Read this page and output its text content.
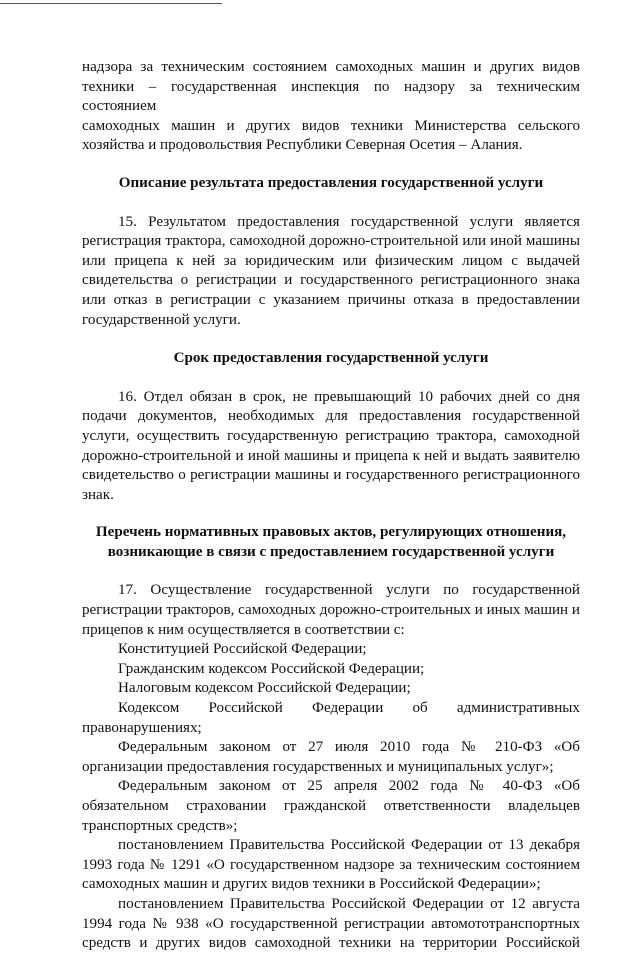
надзора за техническим состоянием самоходных машин и других видов

техники – государственная инспекция по надзору за техническим состоянием

самоходных машин и других видов техники Министерства сельского

хозяйства и продовольствия Республики Северная Осетия – Алания.

Описание результата предоставления государственной услуги

15. Результатом предоставления государственной услуги является регистрация трактора, самоходной дорожно-строительной или иной машины или прицепа к ней за юридическим или физическим лицом с выдачей свидетельства о регистрации и государственного регистрационного знака или отказ в регистрации с указанием причины отказа в предоставлении государственной услуги.

Срок предоставления государственной услуги

16. Отдел обязан в срок, не превышающий 10 рабочих дней со дня подачи документов, необходимых для предоставления государственной услуги, осуществить государственную регистрацию трактора, самоходной дорожно-строительной и иной машины и прицепа к ней и выдать заявителю свидетельство о регистрации машины и государственного регистрационного знак.

Перечень нормативных правовых актов, регулирующих отношения,
возникающие в связи с предоставлением государственной услуги

17. Осуществление государственной услуги по государственной регистрации тракторов, самоходных дорожно-строительных и иных машин и прицепов к ним осуществляется в соответствии с:

Конституцией Российской Федерации;

Гражданским кодексом Российской Федерации;

Налоговым кодексом Российской Федерации;

Кодексом Российской Федерации об административных

правонарушениях;

Федеральным законом от 27 июля 2010 года № 210-ФЗ «Об организации предоставления государственных и муниципальных услуг»;

Федеральным законом от 25 апреля 2002 года № 40-ФЗ «Об обязательном страховании гражданской ответственности владельцев транспортных средств»;

постановлением Правительства Российской Федерации от 13 декабря 1993 года № 1291 «О государственном надзоре за техническим состоянием самоходных машин и других видов техники в Российской Федерации»;

постановлением Правительства Российской Федерации от 12 августа 1994 года № 938 «О государственной регистрации автомототранспортных средств и других видов самоходной техники на территории Российской
